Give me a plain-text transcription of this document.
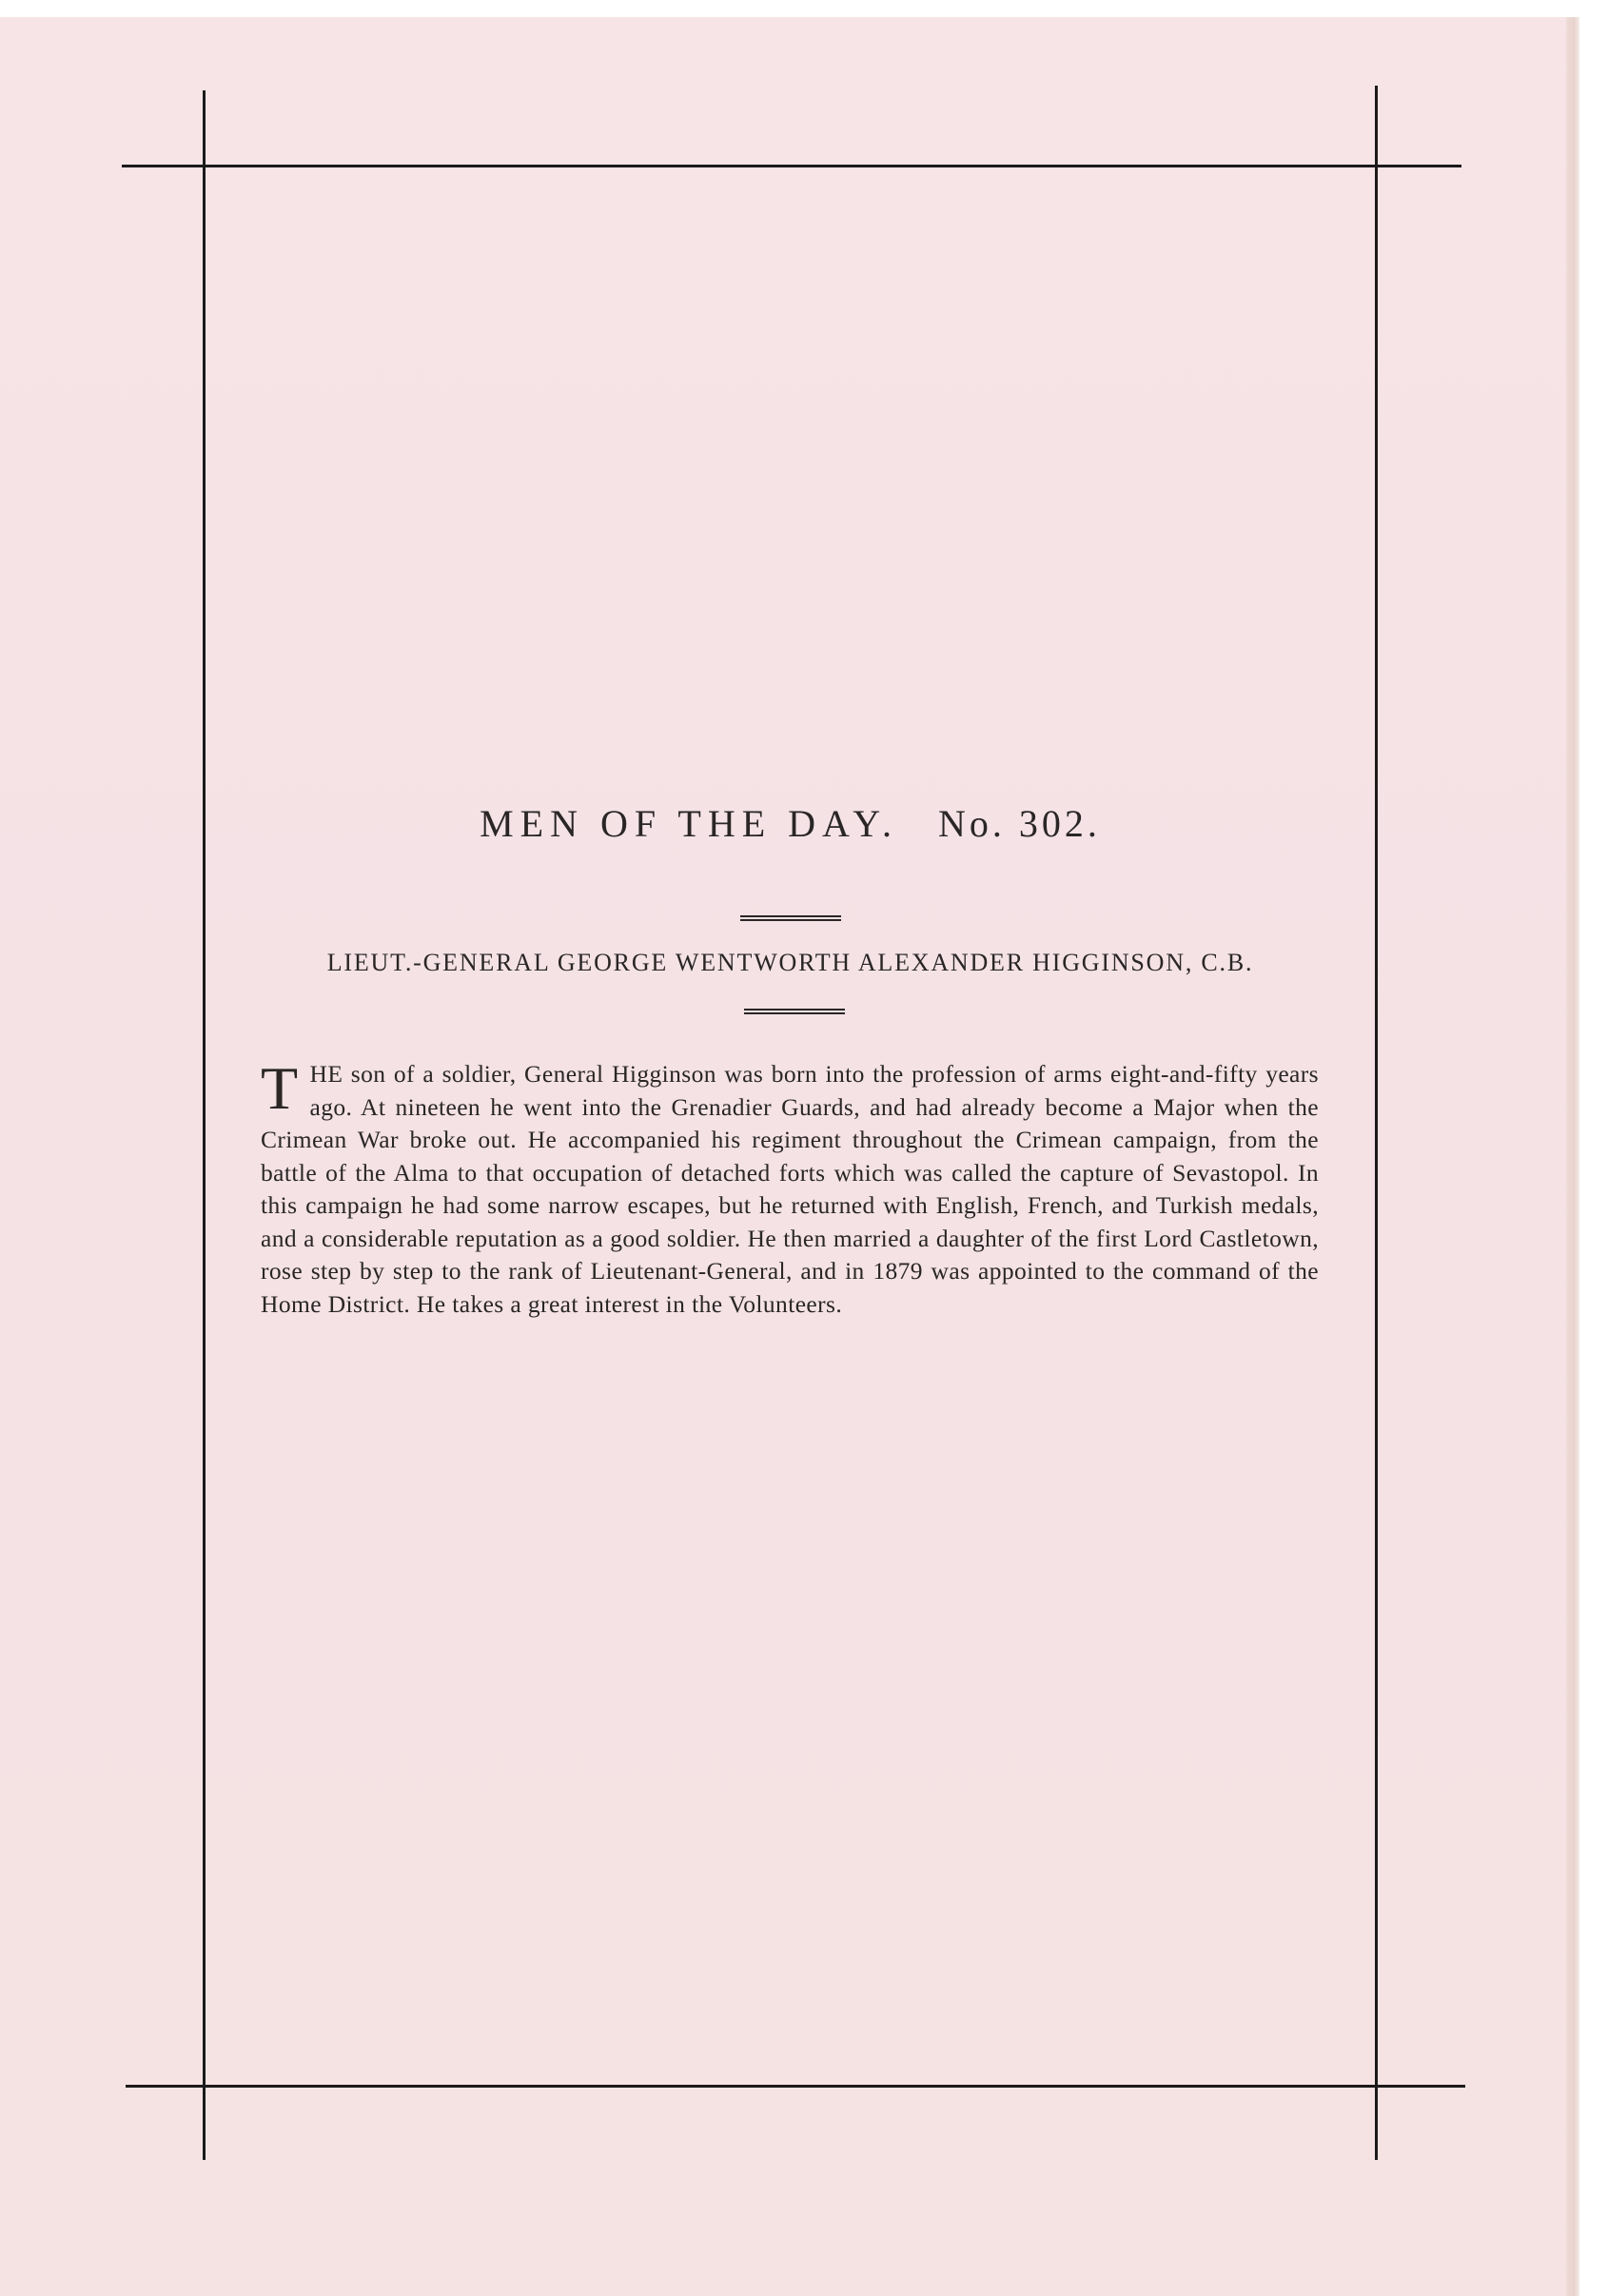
MEN OF THE DAY. No. 302.
LIEUT.-GENERAL GEORGE WENTWORTH ALEXANDER HIGGINSON, C.B.
THE son of a soldier, General Higginson was born into the profession of arms eight-and-fifty years ago. At nineteen he went into the Grenadier Guards, and had already become a Major when the Crimean War broke out. He accompanied his regiment throughout the Crimean campaign, from the battle of the Alma to that occupation of detached forts which was called the capture of Sevastopol. In this campaign he had some narrow escapes, but he returned with English, French, and Turkish medals, and a considerable reputation as a good soldier. He then married a daughter of the first Lord Castletown, rose step by step to the rank of Lieutenant-General, and in 1879 was appointed to the command of the Home District. He takes a great interest in the Volunteers.
